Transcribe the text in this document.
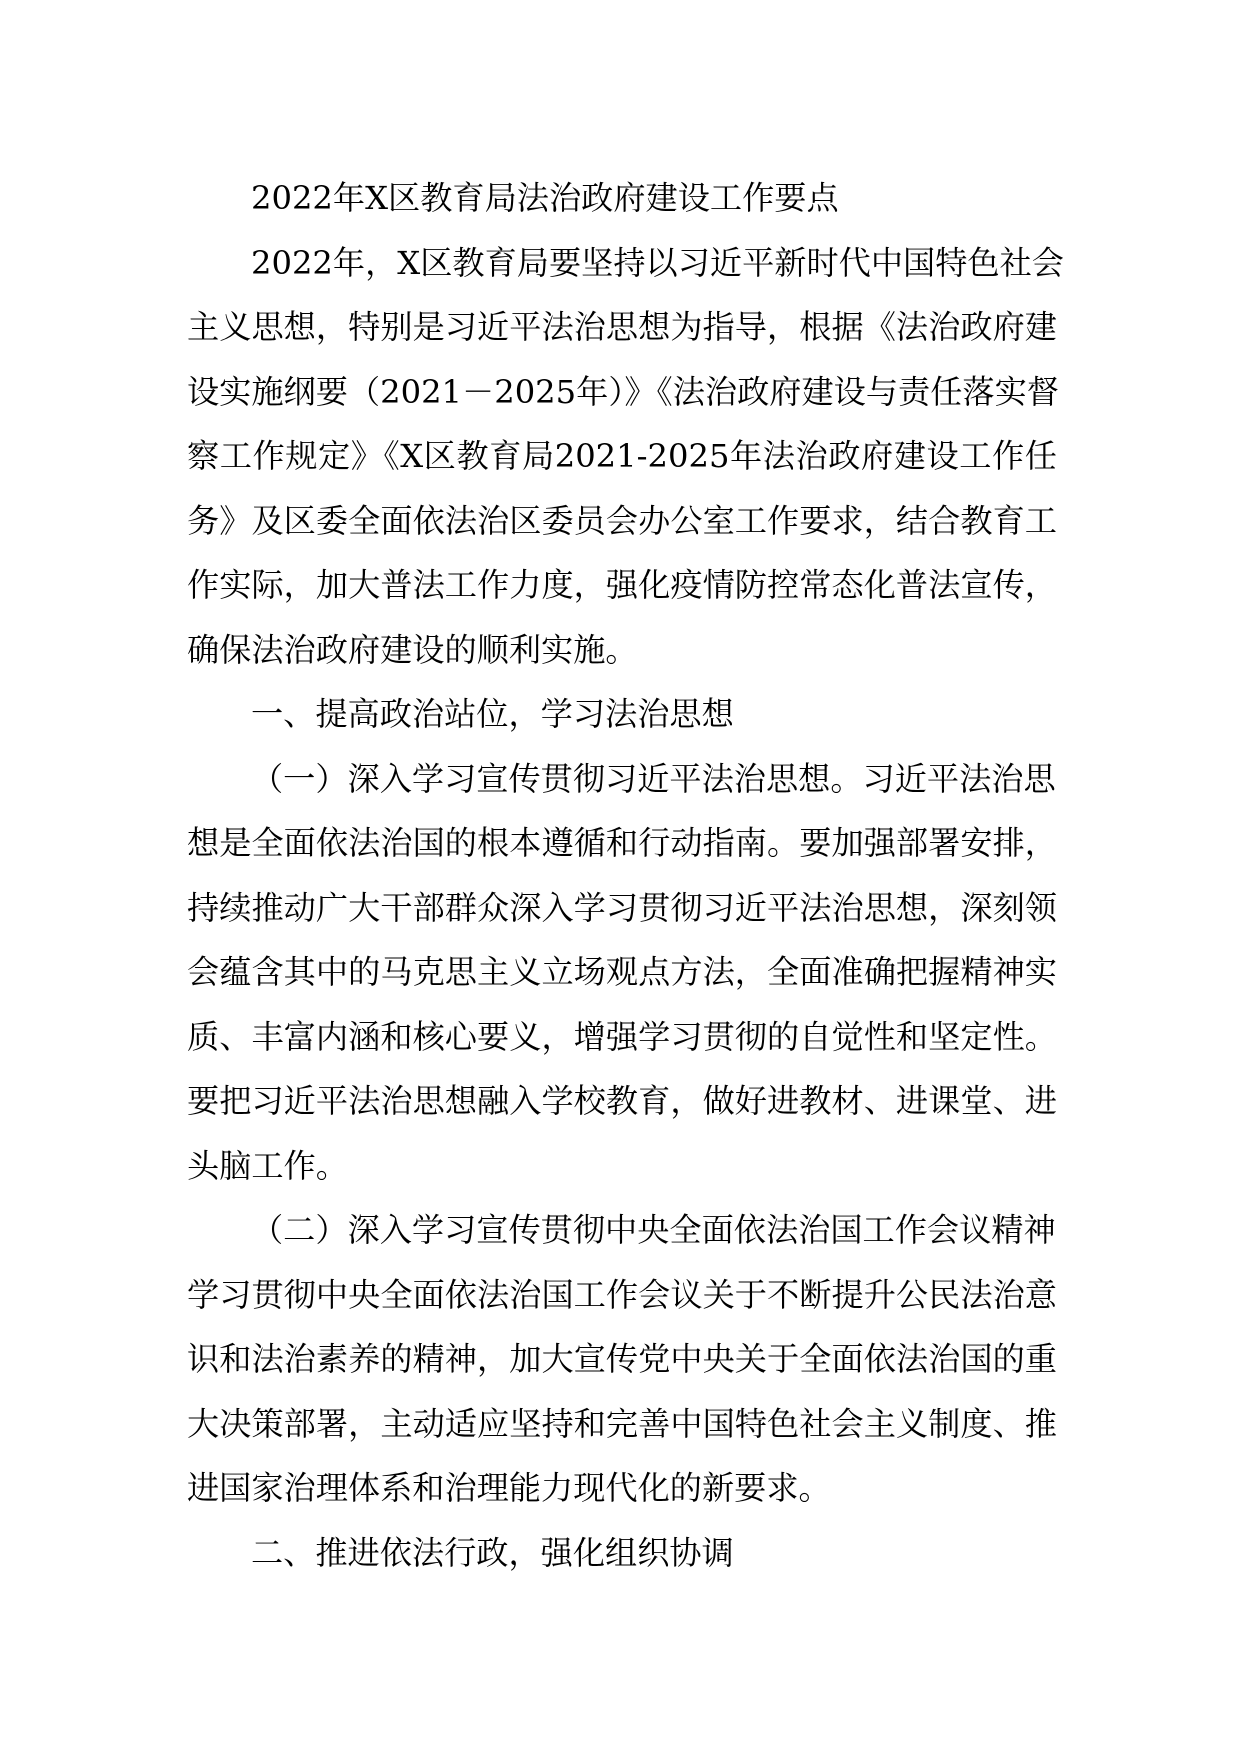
2022年X区教育局法治政府建设工作要点

2022年，X区教育局要坚持以习近平新时代中国特色社会

主义思想，特别是习近平法治思想为指导，根据《法治政府建

设实施纲要（2021－2025年）》《法治政府建设与责任落实督

察工作规定》《X区教育局2021-2025年法治政府建设工作任

务》及区委全面依法治区委员会办公室工作要求，结合教育工

作实际，加大普法工作力度，强化疫情防控常态化普法宣传，

确保法治政府建设的顺利实施。

一、提高政治站位，学习法治思想

（一）深入学习宣传贯彻习近平法治思想。习近平法治思

想是全面依法治国的根本遵循和行动指南。要加强部署安排，

持续推动广大干部群众深入学习贯彻习近平法治思想，深刻领

会蕴含其中的马克思主义立场观点方法，全面准确把握精神实

质、丰富内涵和核心要义，增强学习贯彻的自觉性和坚定性。

要把习近平法治思想融入学校教育，做好进教材、进课堂、进

头脑工作。

（二）深入学习宣传贯彻中央全面依法治国工作会议精神

学习贯彻中央全面依法治国工作会议关于不断提升公民法治意

识和法治素养的精神，加大宣传党中央关于全面依法治国的重

大决策部署，主动适应坚持和完善中国特色社会主义制度、推

进国家治理体系和治理能力现代化的新要求。

二、推进依法行政，强化组织协调
